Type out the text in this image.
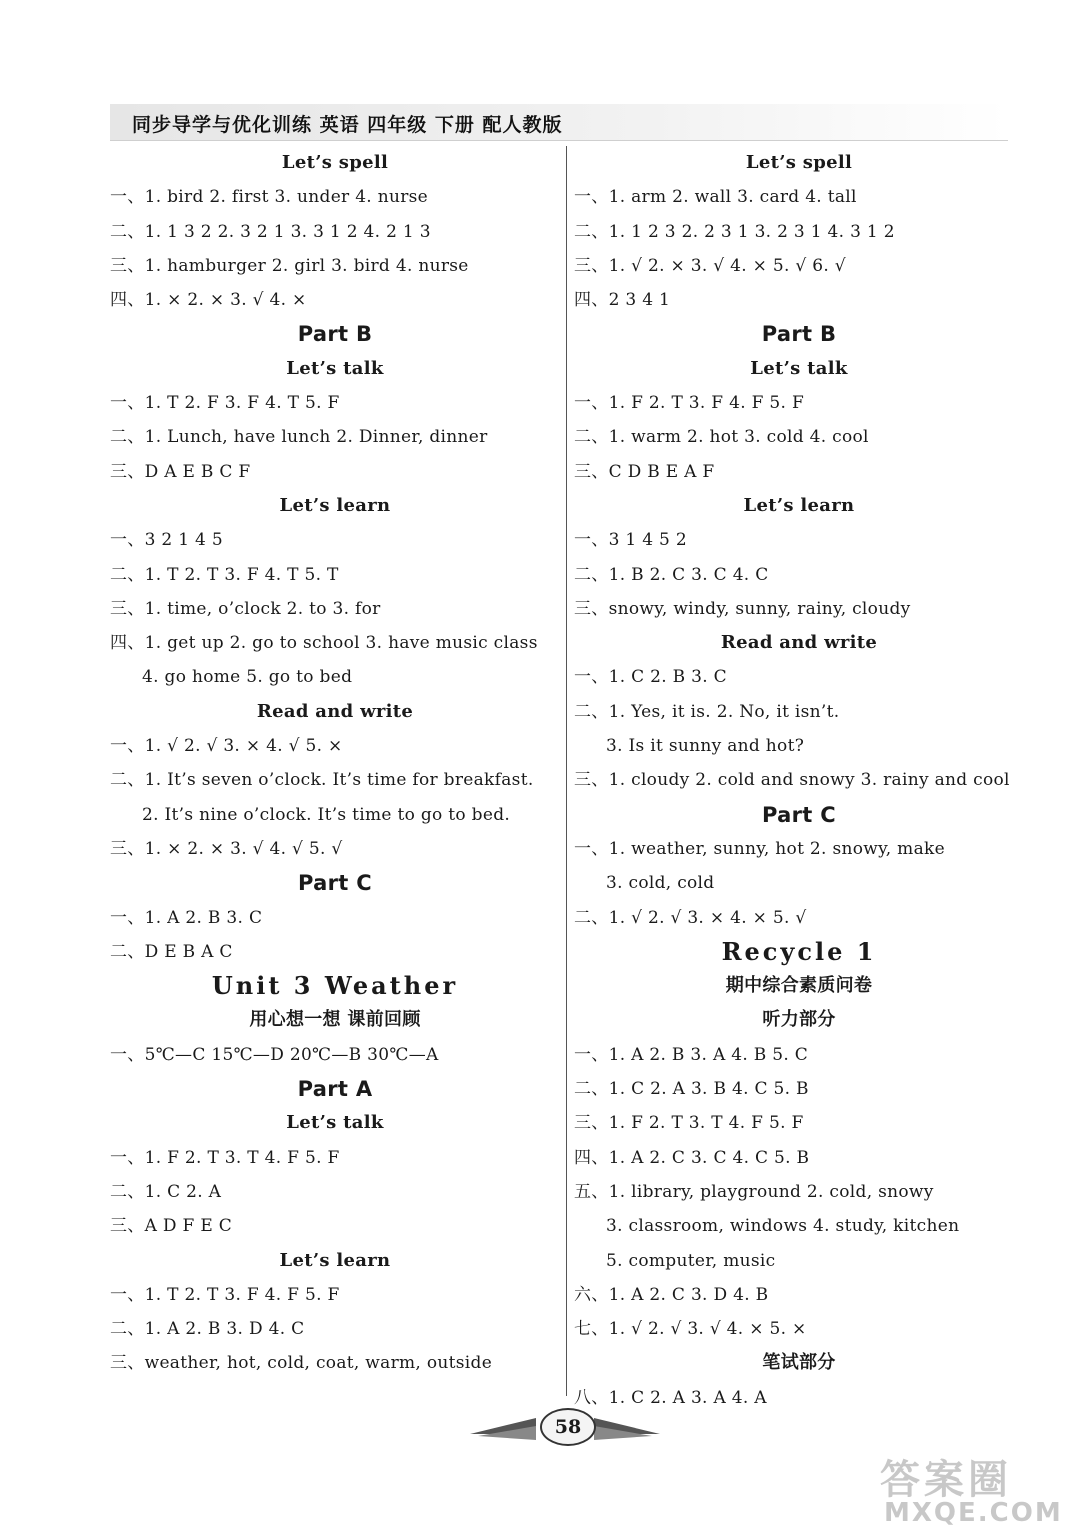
同步导学与优化训练 英语 四年级 下册 配人教版
Let’s spell
一、1. bird 2. first 3. under 4. nurse
二、1. 1 3 2 2. 3 2 1 3. 3 1 2 4. 2 1 3
三、1. hamburger 2. girl 3. bird 4. nurse
四、1. × 2. × 3. √ 4. ×
Part B
Let’s talk
一、1. T 2. F 3. F 4. T 5. F
二、1. Lunch, have lunch 2. Dinner, dinner
三、D A E B C F
Let’s learn
一、3 2 1 4 5
二、1. T 2. T 3. F 4. T 5. T
三、1. time, o’clock 2. to 3. for
四、1. get up 2. go to school 3. have music class
4. go home 5. go to bed
Read and write
一、1. √ 2. √ 3. × 4. √ 5. ×
二、1. It’s seven o’clock. It’s time for breakfast.
2. It’s nine o’clock. It’s time to go to bed.
三、1. × 2. × 3. √ 4. √ 5. √
Part C
一、1. A 2. B 3. C
二、D E B A C
Unit 3 Weather
用心想一想 课前回顾
一、5℃—C 15℃—D 20℃—B 30℃—A
Part A
Let’s talk
一、1. F 2. T 3. T 4. F 5. F
二、1. C 2. A
三、A D F E C
Let’s learn
一、1. T 2. T 3. F 4. F 5. F
二、1. A 2. B 3. D 4. C
三、weather, hot, cold, coat, warm, outside
Let’s spell
一、1. arm 2. wall 3. card 4. tall
二、1. 1 2 3 2. 2 3 1 3. 2 3 1 4. 3 1 2
三、1. √ 2. × 3. √ 4. × 5. √ 6. √
四、2 3 4 1
Part B
Let’s talk
一、1. F 2. T 3. F 4. F 5. F
二、1. warm 2. hot 3. cold 4. cool
三、C D B E A F
Let’s learn
一、3 1 4 5 2
二、1. B 2. C 3. C 4. C
三、snowy, windy, sunny, rainy, cloudy
Read and write
一、1. C 2. B 3. C
二、1. Yes, it is. 2. No, it isn’t.
3. Is it sunny and hot?
三、1. cloudy 2. cold and snowy 3. rainy and cool
Part C
一、1. weather, sunny, hot 2. snowy, make
3. cold, cold
二、1. √ 2. √ 3. × 4. × 5. √
Recycle 1
期中综合素质问卷
听力部分
一、1. A 2. B 3. A 4. B 5. C
二、1. C 2. A 3. B 4. C 5. B
三、1. F 2. T 3. T 4. F 5. F
四、1. A 2. C 3. C 4. C 5. B
五、1. library, playground 2. cold, snowy
3. classroom, windows 4. study, kitchen
5. computer, music
六、1. A 2. C 3. D 4. B
七、1. √ 2. √ 3. √ 4. × 5. ×
笔试部分
八、1. C 2. A 3. A 4. A
58
答案圈
MXQE.COM
